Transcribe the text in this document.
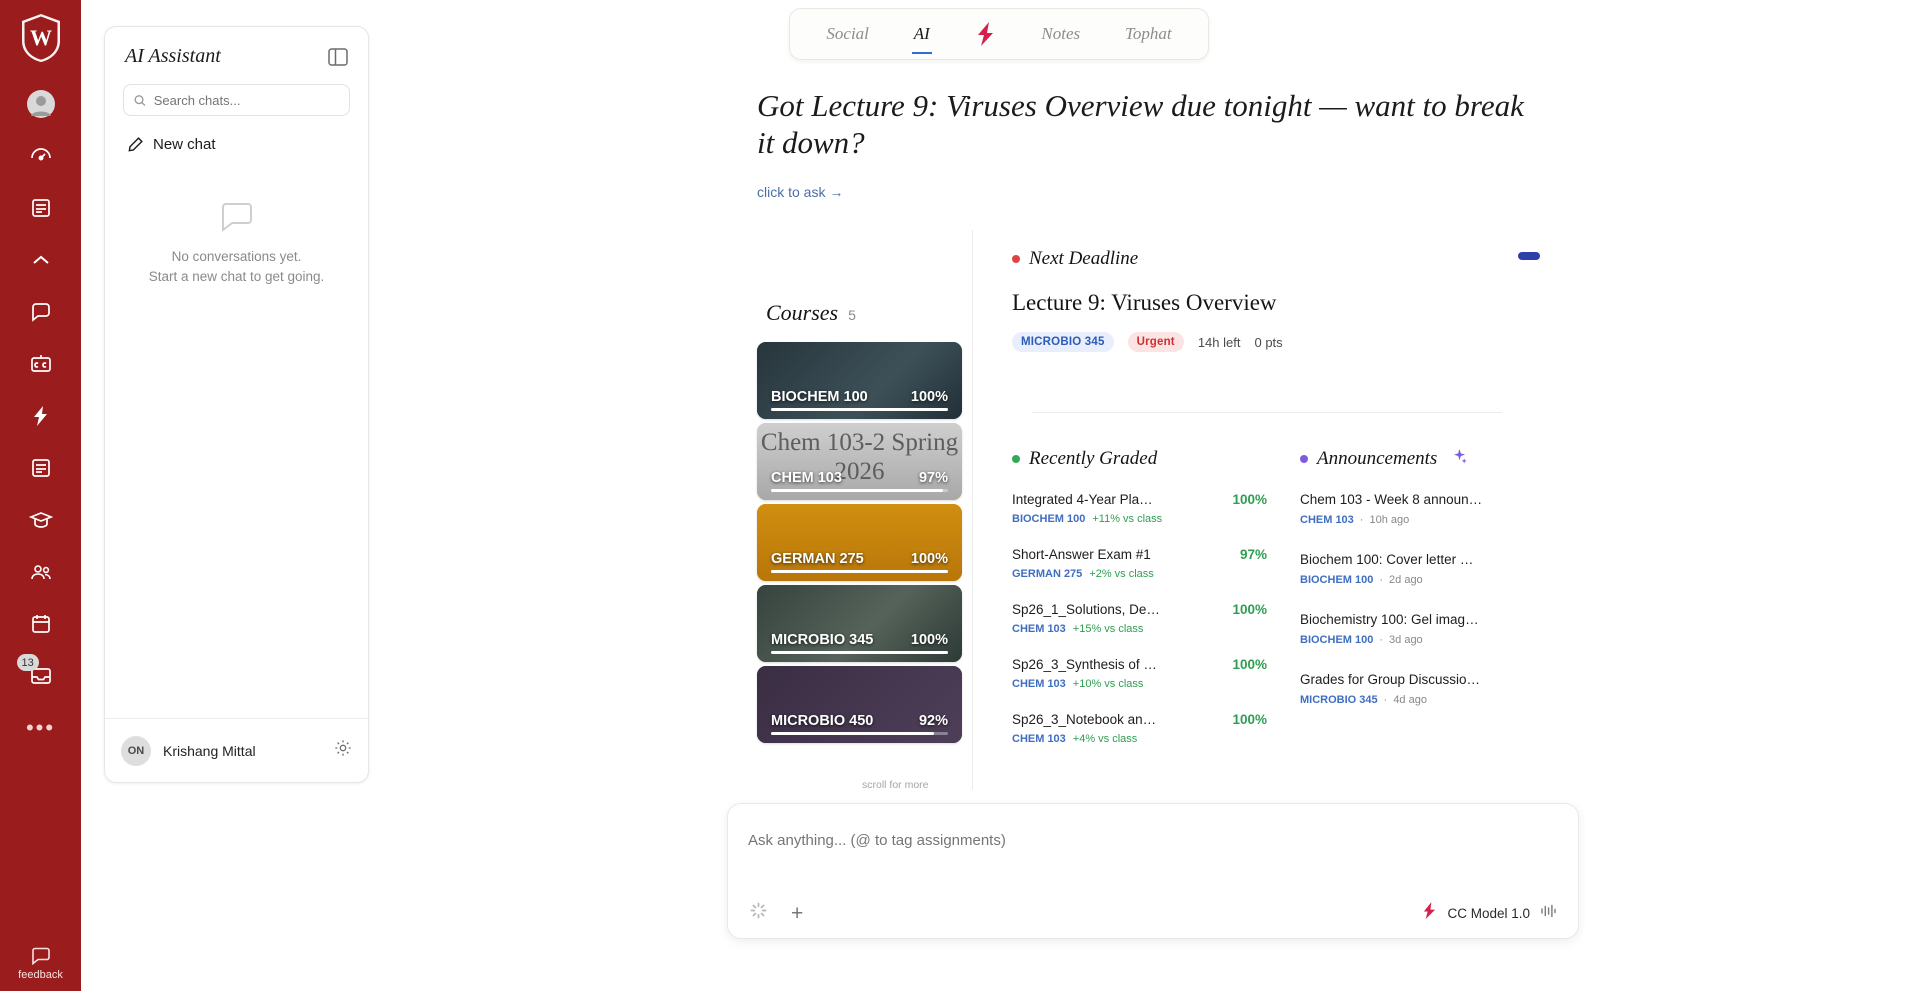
W
13
•••
feedback
AI Assistant
Search chats...
New chat
No conversations yet.
Start a new chat to get going.
ON	Krishang Mittal
Social	AI	Notes	Tophat
Got Lecture 9: Viruses Overview due tonight — want to break it down?
click to ask →
Courses 5
BIOCHEM 100	100%
Chem 103-2 Spring 2026
CHEM 103	97%
GERMAN 275	100%
MICROBIO 345	100%
MICROBIO 450	92%
scroll for more
Next Deadline
Lecture 9: Viruses Overview
MICROBIO 345	Urgent	14h left 0 pts
Recently Graded
Integrated 4-Year Pla…
BIOCHEM 100 +11% vs class
100%
Short-Answer Exam #1
GERMAN 275 +2% vs class
97%
Sp26_1_Solutions, De…
CHEM 103 +15% vs class
100%
Sp26_3_Synthesis of …
CHEM 103 +10% vs class
100%
Sp26_3_Notebook an…
CHEM 103 +4% vs class
100%
Announcements
Chem 103 - Week 8 announ…
CHEM 103 · 10h ago
Biochem 100: Cover letter …
BIOCHEM 100 · 2d ago
Biochemistry 100: Gel imag…
BIOCHEM 100 · 3d ago
Grades for Group Discussio…
MICROBIO 345 · 4d ago
Ask anything... (@ to tag assignments)
+	CC Model 1.0
